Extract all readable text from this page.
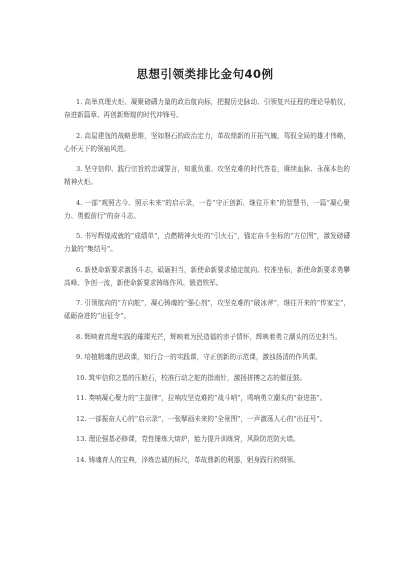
思想引领类排比金句40例

1. 高举真理火炬、凝聚磅礴力量的政治航向标，把握历史脉动、引领复兴征程的理论导航仪，奋进新篇章、再创新辉煌的时代冲锋号。

2. 高屋建瓴的战略思维，坚如磐石的政治定力，革故鼎新的开拓气魄，驾驭全局的雄才伟略，心怀天下的领袖风范。

3. 坚守信仰、践行宗旨的忠诚誓言，知重负重、攻坚克难的时代答卷，赓续血脉、永葆本色的精神火炬。

4. 一部“观照古今、照示未来”的启示录，一卷“守正创新、继往开来”的智慧书，一篇“凝心聚力、勇毅前行”的奋斗志。

5. 书写辉煌成就的“成绩单”，点燃精神火炬的“引火石”，锚定奋斗坐标的“方位图”，激发磅礴力量的“集结号”。

6. 新使命新要求激扬斗志，砥砺担当，新使命新要求锚定航向、校准坐标，新使命新要求勇攀高峰、争创一流，新使命新要求铸练作风、锻造铁军。

7. 引领航向的“方向舵”，凝心铸魂的“强心剂”，攻坚克难的“破冰斧”，继往开来的“传家宝”，砥砺奋进的“出征令”。

8. 辉映着真理实践的璀璨光芒，辉映着为民造福的赤子情怀，辉映着勇立潮头的历史担当。

9. 培植精魂的思政课，知行合一的实践课，守正创新的示范课，激浊扬清的作风课。

10. 筑牢信仰之基的压舱石，校准行动之舵的指南针，激扬拼搏之志的催征鼓。

11. 奏响凝心聚力的“主旋律”，拉响攻坚克难的“战斗哨”，鸣响勇立潮头的“奋进笛”。

12. 一部振奋人心的“启示录”，一张擘画未来的“全景图”，一声激荡人心的“出征号”。

13. 理论强基必修课，党性锤炼大熔炉，能力提升训练营，风险防范防火墙。

14. 铸魂育人的宝典，淬炼忠诚的标尺，革故鼎新的利器，躬身践行的纲领。
